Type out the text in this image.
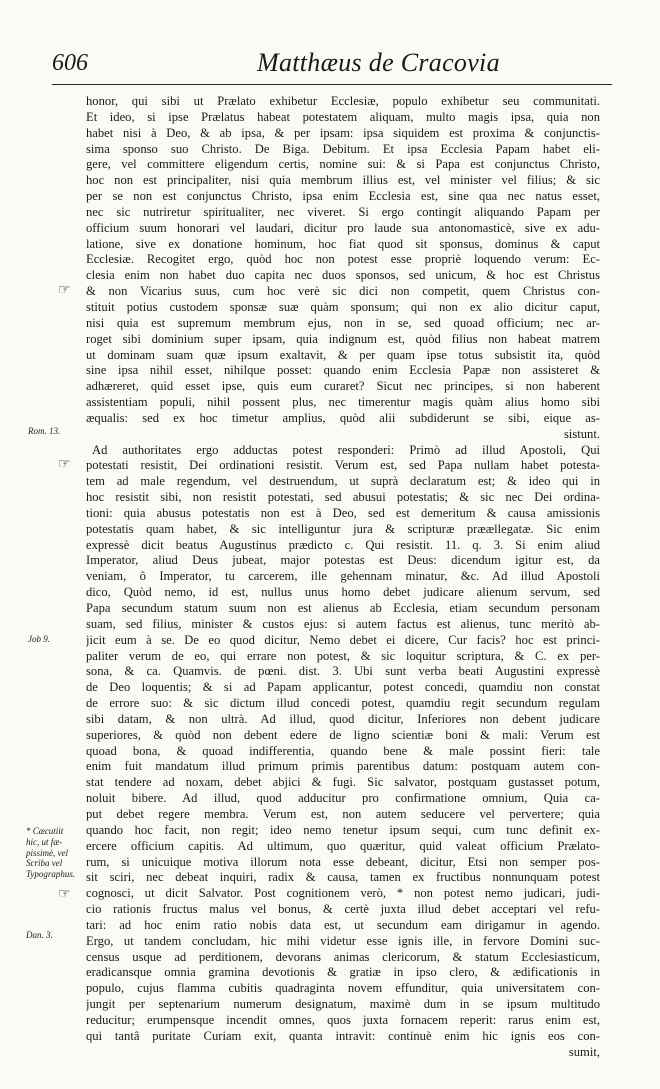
606	Matthæus de Cracovia
honor, qui sibi ut Prælato exhibetur Ecclesiæ, populo exhibetur seu communitati.
Et ideo, si ipse Prælatus habeat potestatem aliquam, multo magis ipsa, quia non
habet nisi à Deo, & ab ipsa, & per ipsam: ipsa siquidem est proxima & conjunctis-
sima sponso suo Christo. De Biga. Debitum. Et ipsa Ecclesia Papam habet eli-
gere, vel committere eligendum certis, nomine sui: & si Papa est conjunctus Christo,
hoc non est principaliter, nisi quia membrum illius est, vel minister vel filius; & sic
per se non est conjunctus Christo, ipsa enim Ecclesia est, sine qua nec natus esset,
nec sic nutriretur spiritualiter, nec viveret. Si ergo contingit aliquando Papam per
officium suum honorari vel laudari, dicitur pro laude sua antonomasticè, sive ex adu-
latione, sive ex donatione hominum, hoc fiat quod sit sponsus, dominus & caput
Ecclesiæ. Recogitet ergo, quòd hoc non potest esse propriè loquendo verum: Ec-
clesia enim non habet duo capita nec duos sponsos, sed unicum, & hoc est Christus
& non Vicarius suus, cum hoc verè sic dici non competit, quem Christus con-
stituit potius custodem sponsæ suæ quàm sponsum; qui non ex alio dicitur caput,
nisi quia est supremum membrum ejus, non in se, sed quoad officium; nec ar-
roget sibi dominium super ipsam, quia indignum est, quòd filius non habeat matrem
ut dominam suam quæ ipsum exaltavit, & per quam ipse totus subsistit ita, quòd
sine ipsa nihil esset, nihilque posset: quando enim Ecclesia Papæ non assisteret &
adhæreret, quid esset ipse, quis eum curaret? Sicut nec principes, si non haberent
assistentiam populi, nihil possent plus, nec timerentur magis quàm alius homo sibi
æqualis: sed ex hoc timetur amplius, quòd alii subdiderunt se sibi, eique as-
sistunt.
Ad authoritates ergo adductas potest responderi: Primò ad illud Apostoli, Qui
potestati resistit, Dei ordinationi resistit. Verum est, sed Papa nullam habet potesta-
tem ad male regendum, vel destruendum, ut suprà declaratum est; & ideo qui in
hoc resistit sibi, non resistit potestati, sed abusui potestatis; & sic nec Dei ordina-
tioni: quia abusus potestatis non est à Deo, sed est demeritum & causa amissionis
potestatis quam habet, & sic intelliguntur jura & scripturæ præællegatæ. Sic enim
expressè dicit beatus Augustinus prædicto c. Qui resistit. 11. q. 3. Si enim aliud
Imperator, aliud Deus jubeat, major potestas est Deus: dicendum igitur est, da
veniam, ô Imperator, tu carcerem, ille gehennam minatur, &c. Ad illud Apostoli
dico, Quòd nemo, id est, nullus unus homo debet judicare alienum servum, sed
Papa secundum statum suum non est alienus ab Ecclesia, etiam secundum personam
suam, sed filius, minister & custos ejus: si autem factus est alienus, tunc meritò ab-
jicit eum à se. De eo quod dicitur, Nemo debet ei dicere, Cur facis? hoc est princi-
paliter verum de eo, qui errare non potest, & sic loquitur scriptura, & C. ex per-
sona, & ca. Quamvis. de pœni. dist. 3. Ubi sunt verba beati Augustini expressè
de Deo loquentis; & si ad Papam applicantur, potest concedi, quamdiu non constat
de errore suo: & sic dictum illud concedi potest, quamdiu regit secundum regulam
sibi datam, & non ultrà. Ad illud, quod dicitur, Inferiores non debent judicare
superiores, & quòd non debent edere de ligno scientiæ boni & mali: Verum est
quoad bona, & quoad indifferentia, quando bene & male possint fieri: tale
enim fuit mandatum illud primum primis parentibus datum: postquam autem con-
stat tendere ad noxam, debet abjici & fugi. Sic salvator, postquam gustasset potum,
noluit bibere. Ad illud, quod adducitur pro confirmatione omnium, Quia ca-
put debet regere membra. Verum est, non autem seducere vel pervertere; quia
quando hoc facit, non regit; ideo nemo tenetur ipsum sequi, cum tunc definit ex-
ercere officium capitis. Ad ultimum, quo quæritur, quid valeat officium Prælato-
rum, si unicuique motiva illorum nota esse debeant, dicitur, Etsi non semper pos-
sit sciri, nec debeat inquiri, radix & causa, tamen ex fructibus nonnunquam potest
cognosci, ut dicit Salvator. Post cognitionem verò, * non potest nemo judicari, judi-
cio rationis fructus malus vel bonus, & certè juxta illud debet acceptari vel refu-
tari: ad hoc enim ratio nobis data est, ut secundum eam dirigamur in agendo.
Ergo, ut tandem concludam, hic mihi videtur esse ignis ille, in fervore Domini suc-
census usque ad perditionem, devorans animas clericorum, & statum Ecclesiasticum,
eradicansque omnia gramina devotionis & gratiæ in ipso clero, & ædificationis in
populo, cujus flamma cubitis quadraginta novem effunditur, quia universitatem con-
jungit per septenarium numerum designatum, maximè dum in se ipsum multitudo
reducitur; erumpensque incendit omnes, quos juxta fornacem reperit: rarus enim est,
qui tantâ puritate Curiam exit, quanta intravit: continuè enim hic ignis eos con-
sumit,
Rom. 13.
Job 9.
Dan. 3.
* Cæcutiit
hic, ut fæ-
pissimè, vel
Scriba vel
Typographus.
☞
☞
☞
